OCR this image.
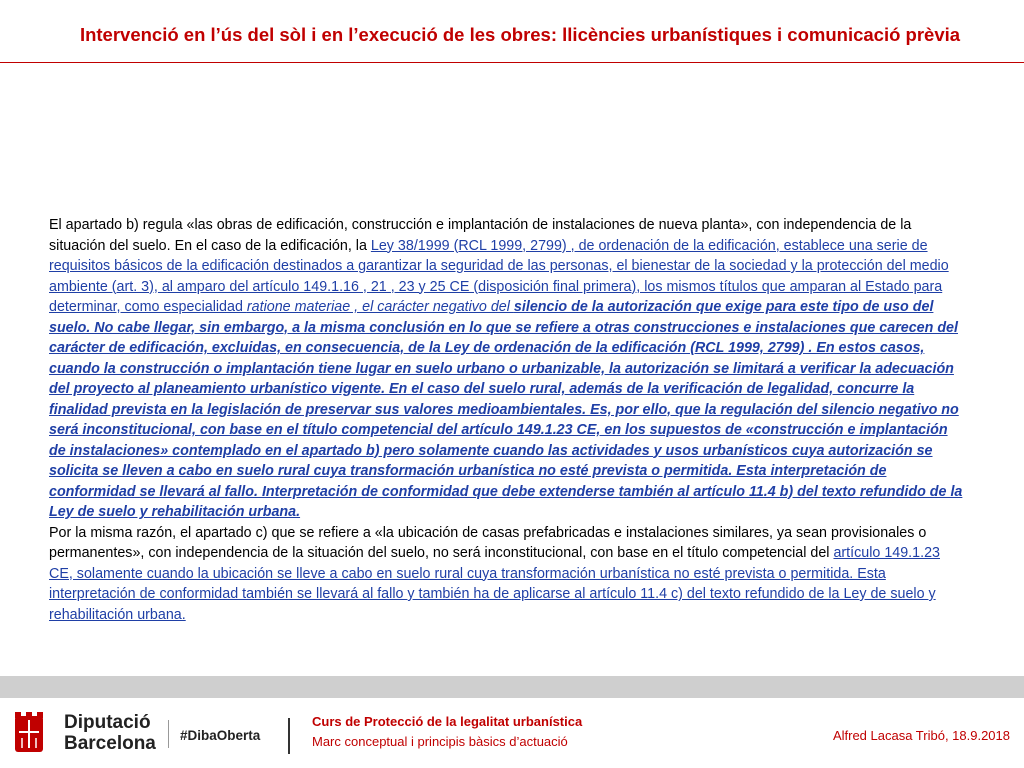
Intervenció en l’ús del sòl i en l’execució de les obres: llicències urbanístiques i comunicació prèvia

El apartado b) regula «las obras de edificación, construcción e implantación de instalaciones de nueva planta», con independencia de la situación del suelo. En el caso de la edificación, la Ley 38/1999 (RCL 1999, 2799) , de ordenación de la edificación, establece una serie de requisitos básicos de la edificación destinados a garantizar la seguridad de las personas, el bienestar de la sociedad y la protección del medio ambiente (art. 3), al amparo del artículo 149.1.16 , 21 , 23 y 25 CE (disposición final primera), los mismos títulos que amparan al Estado para determinar, como especialidad ratione materiae , el carácter negativo del silencio de la autorización que exige para este tipo de uso del suelo. No cabe llegar, sin embargo, a la misma conclusión en lo que se refiere a otras construcciones e instalaciones que carecen del carácter de edificación, excluidas, en consecuencia, de la Ley de ordenación de la edificación (RCL 1999, 2799) . En estos casos, cuando la construcción o implantación tiene lugar en suelo urbano o urbanizable, la autorización se limitará a verificar la adecuación del proyecto al planeamiento urbanístico vigente. En el caso del suelo rural, además de la verificación de legalidad, concurre la finalidad prevista en la legislación de preservar sus valores medioambientales. Es, por ello, que la regulación del silencio negativo no será inconstitucional, con base en el título competencial del artículo 149.1.23 CE, en los supuestos de «construcción e implantación de instalaciones» contemplado en el apartado b) pero solamente cuando las actividades y usos urbanísticos cuya autorización se solicita se lleven a cabo en suelo rural cuya transformación urbanística no esté prevista o permitida. Esta interpretación de conformidad se llevará al fallo. Interpretación de conformidad que debe extenderse también al artículo 11.4 b) del texto refundido de la Ley de suelo y rehabilitación urbana.

Por la misma razón, el apartado c) que se refiere a «la ubicación de casas prefabricadas e instalaciones similares, ya sean provisionales o permanentes», con independencia de la situación del suelo, no será inconstitucional, con base en el título competencial del artículo 149.1.23 CE, solamente cuando la ubicación se lleve a cabo en suelo rural cuya transformación urbanística no esté prevista o permitida. Esta interpretación de conformidad también se llevará al fallo y también ha de aplicarse al artículo 11.4 c) del texto refundido de la Ley de suelo y rehabilitación urbana.

Diputació
Barcelona #DibaOberta
Curs de Protecció de la legalitat urbanística
Marc conceptual i principis bàsics d’actuació	Alfred Lacasa Tribó, 18.9.2018
